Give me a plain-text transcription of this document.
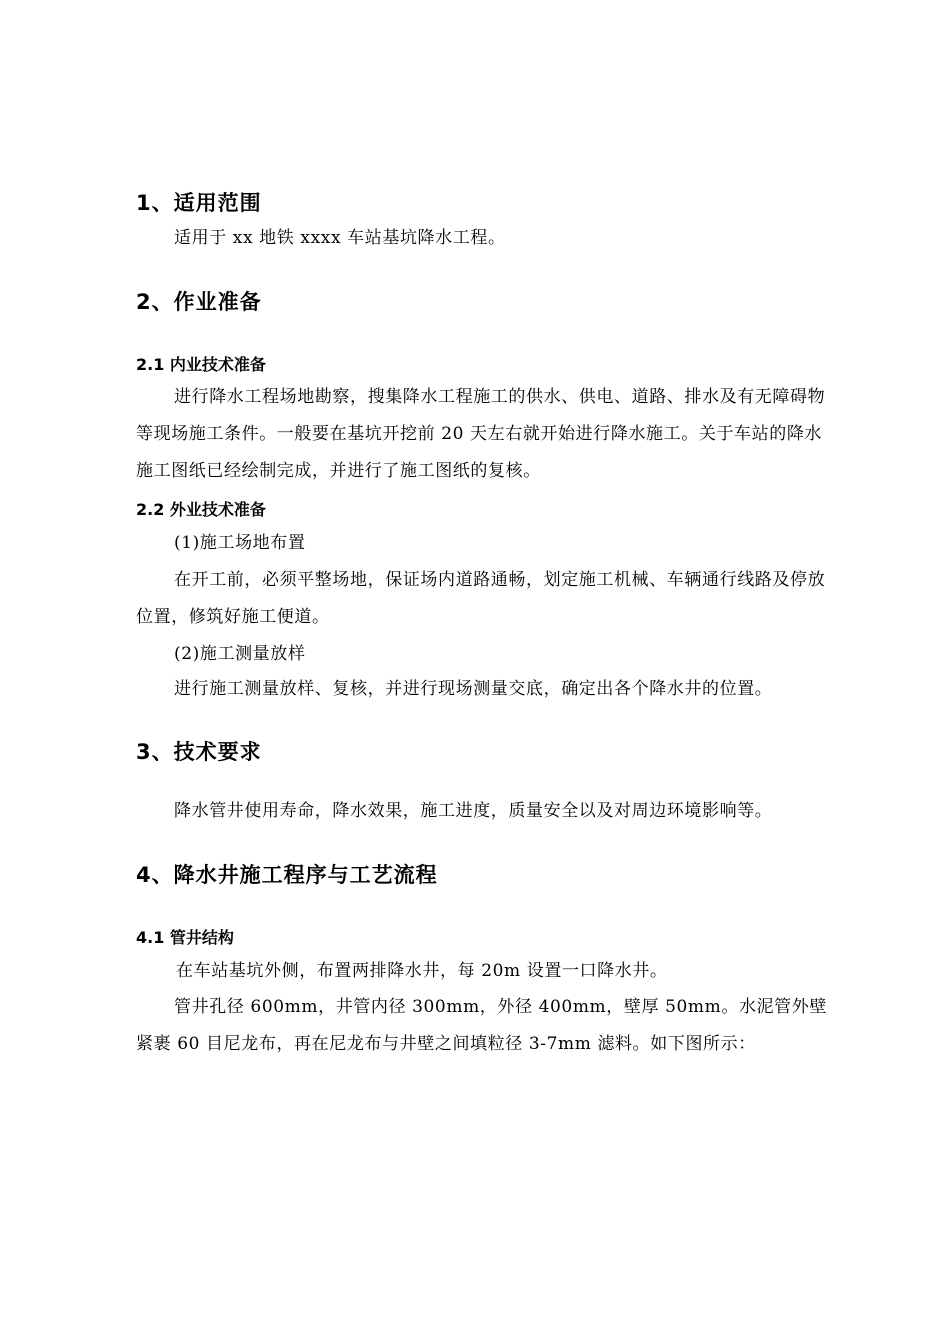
1、适用范围
适用于 xx 地铁 xxxx 车站基坑降水工程。
2、作业准备
2.1 内业技术准备
进行降水工程场地勘察，搜集降水工程施工的供水、供电、道路、排水及有无障碍物等现场施工条件。一般要在基坑开挖前 20 天左右就开始进行降水施工。关于车站的降水施工图纸已经绘制完成，并进行了施工图纸的复核。
2.2 外业技术准备
(1)施工场地布置
在开工前，必须平整场地，保证场内道路通畅，划定施工机械、车辆通行线路及停放位置，修筑好施工便道。
(2)施工测量放样
进行施工测量放样、复核，并进行现场测量交底，确定出各个降水井的位置。
3、技术要求
降水管井使用寿命，降水效果，施工进度，质量安全以及对周边环境影响等。
4、降水井施工程序与工艺流程
4.1 管井结构
在车站基坑外侧，布置两排降水井，每 20m 设置一口降水井。
管井孔径 600mm，井管内径 300mm，外径 400mm，壁厚 50mm。水泥管外壁紧裹 60 目尼龙布，再在尼龙布与井壁之间填粒径 3-7mm 滤料。如下图所示：
